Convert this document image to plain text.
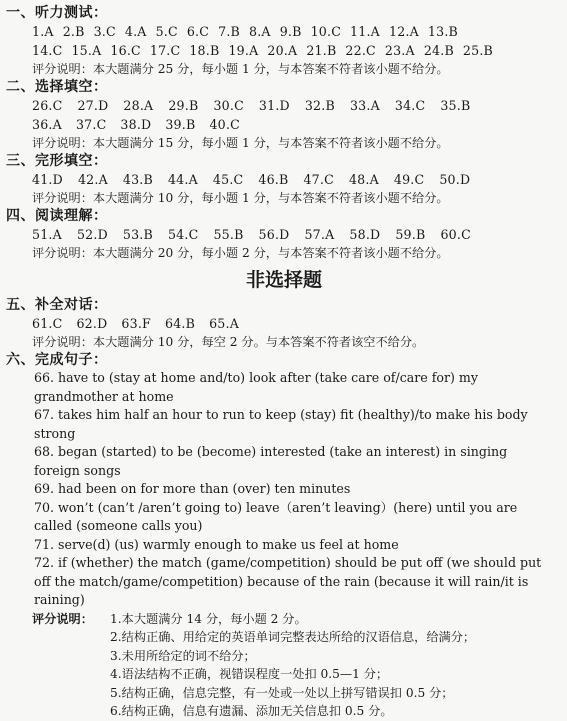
一、听力测试：
1.A 2.B 3.C 4.A 5.C 6.C 7.B 8.A 9.B 10.C 11.A 12.A 13.B
14.C 15.A 16.C 17.C 18.B 19.A 20.A 21.B 22.C 23.A 24.B 25.B
评分说明：本大题满分 25 分，每小题 1 分，与本答案不符者该小题不给分。
二、选择填空：
26.C 27.D 28.A 29.B 30.C 31.D 32.B 33.A 34.C 35.B
36.A 37.C 38.D 39.B 40.C
评分说明：本大题满分 15 分，每小题 1 分，与本答案不符者该小题不给分。
三、完形填空：
41.D 42.A 43.B 44.A 45.C 46.B 47.C 48.A 49.C 50.D
评分说明：本大题满分 10 分，每小题 1 分，与本答案不符者该小题不给分。
四、阅读理解：
51.A 52.D 53.B 54.C 55.B 56.D 57.A 58.D 59.B 60.C
评分说明：本大题满分 20 分，每小题 2 分，与本答案不符者该小题不给分。
非选择题
五、补全对话：
61.C 62.D 63.F 64.B 65.A
评分说明：本大题满分 10 分，每空 2 分。与本答案不符者该空不给分。
六、完成句子：
66. have to (stay at home and/to) look after (take care of/care for) my grandmother at home
67. takes him half an hour to run to keep (stay) fit (healthy)/to make his body strong
68. began (started) to be (become) interested (take an interest) in singing foreign songs
69. had been on for more than (over) ten minutes
70. won’t (can’t /aren’t going to) leave（aren’t leaving）(here) until you are called (someone calls you)
71. serve(d) (us) warmly enough to make us feel at home
72. if (whether) the match (game/competition) should be put off (we should put off the match/game/competition) because of the rain (because it will rain/it is raining)
评分说明： 1.本大题满分 14 分，每小题 2 分。
2.结构正确、用给定的英语单词完整表达所给的汉语信息，给满分；
3.未用所给定的词不给分；
4.语法结构不正确，视错误程度一处扣 0.5—1 分；
5.结构正确，信息完整，有一处或一处以上拼写错误扣 0.5 分；
6.结构正确，信息有遗漏、添加无关信息扣 0.5 分。
